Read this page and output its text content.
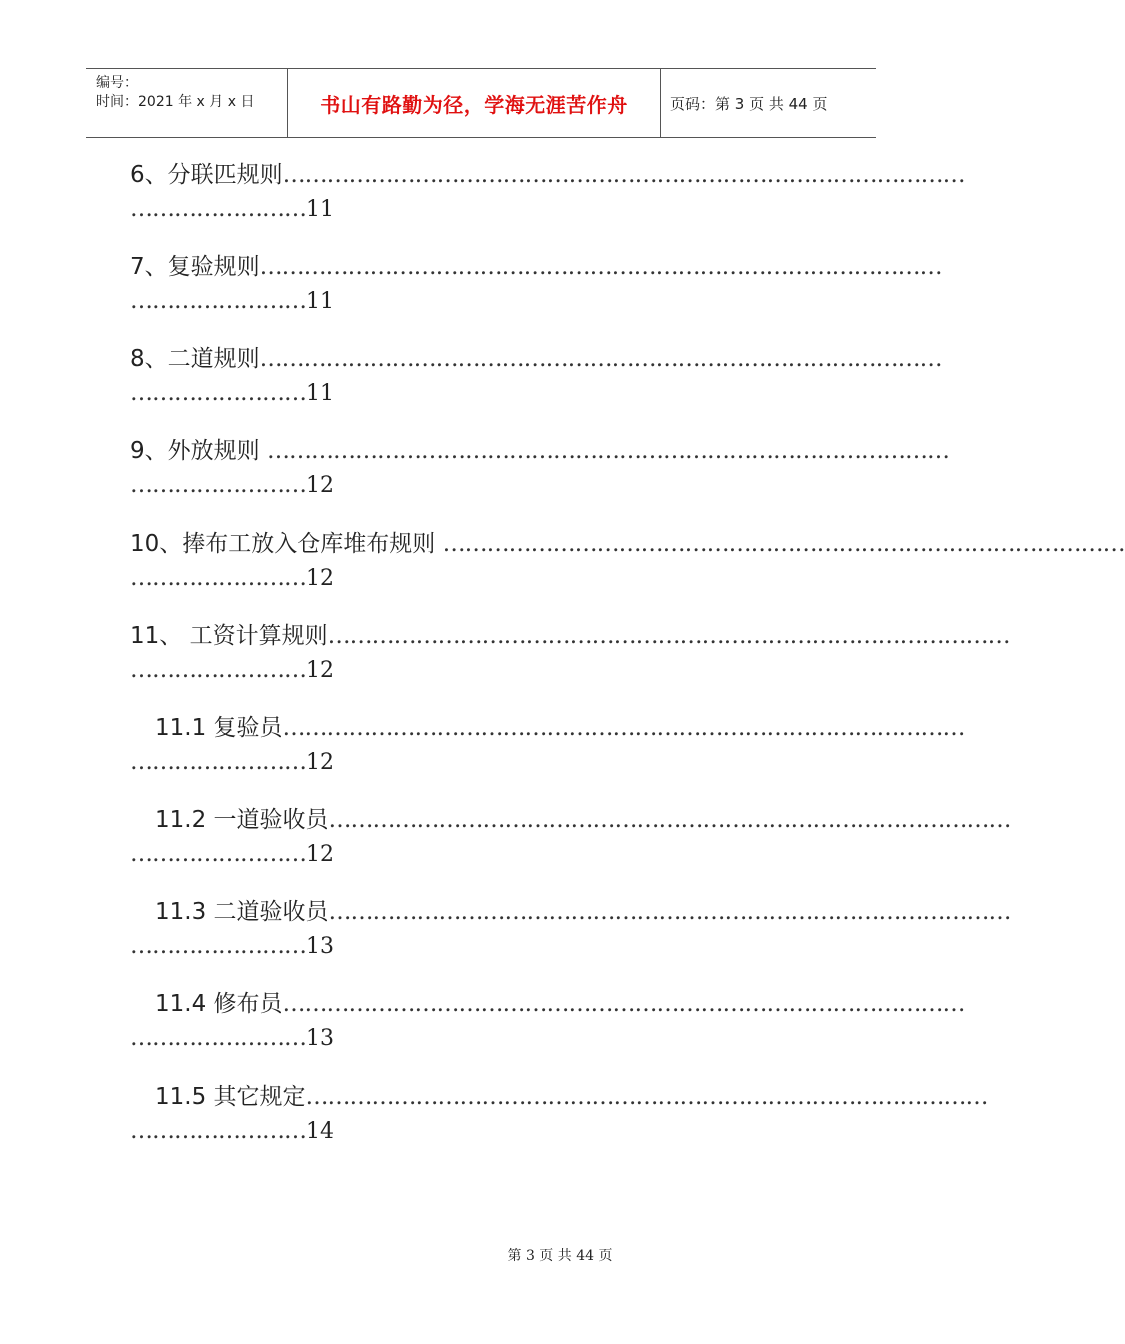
编号：
时间：2021 年 x 月 x 日	书山有路勤为径，学海无涯苦作舟	页码：第 3 页 共 44 页
6、分联匹规则…………………………………………………………………………………
……………………11
7、复验规则…………………………………………………………………………………
……………………11
8、二道规则…………………………………………………………………………………
……………………11
9、外放规则 …………………………………………………………………………………
……………………12
10、捧布工放入仓库堆布规则 …………………………………………………………………………………
……………………12
11、 工资计算规则…………………………………………………………………………………
……………………12
11.1 复验员…………………………………………………………………………………
……………………12
11.2 一道验收员…………………………………………………………………………………
……………………12
11.3 二道验收员…………………………………………………………………………………
……………………13
11.4 修布员…………………………………………………………………………………
……………………13
11.5 其它规定…………………………………………………………………………………
……………………14
第 3 页 共 44 页
